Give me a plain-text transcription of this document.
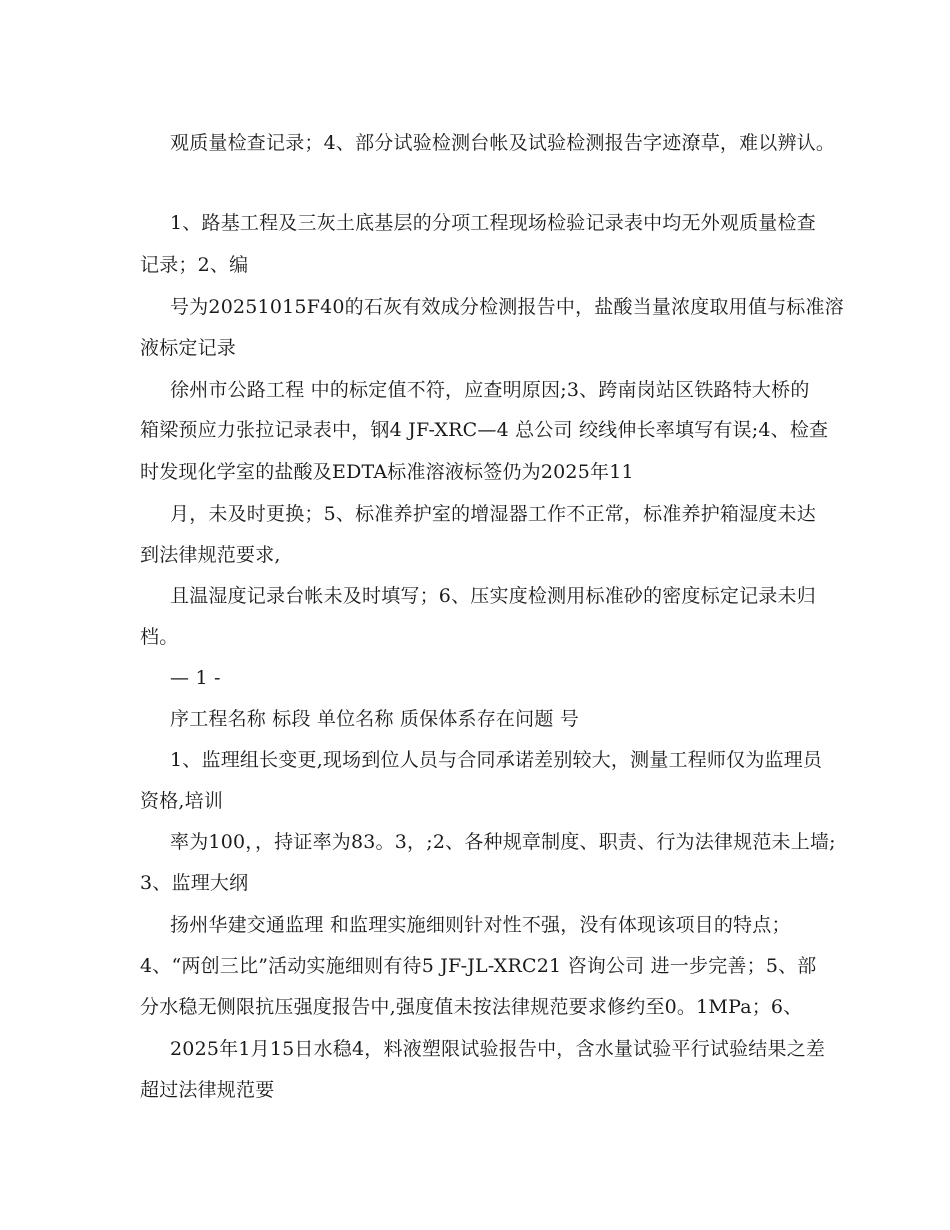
观质量检查记录；4、部分试验检测台帐及试验检测报告字迹潦草，难以辨认。
1、路基工程及三灰土底基层的分项工程现场检验记录表中均无外观质量检查
记录；2、编
号为20251015F40的石灰有效成分检测报告中，盐酸当量浓度取用值与标准溶
液标定记录
徐州市公路工程 中的标定值不符，应查明原因;3、跨南岗站区铁路特大桥的
箱梁预应力张拉记录表中，钢4 JF-XRC—4 总公司 绞线伸长率填写有误;4、检查
时发现化学室的盐酸及EDTA标准溶液标签仍为2025年11
月，未及时更换；5、标准养护室的增湿器工作不正常，标准养护箱湿度未达
到法律规范要求,
且温湿度记录台帐未及时填写；6、压实度检测用标准砂的密度标定记录未归
档。
— 1 -
序工程名称 标段 单位名称 质保体系存在问题 号
1、监理组长变更,现场到位人员与合同承诺差别较大，测量工程师仅为监理员
资格,培训
率为100，，持证率为83。3，;2、各种规章制度、职责、行为法律规范未上墙;
3、监理大纲
扬州华建交通监理 和监理实施细则针对性不强，没有体现该项目的特点；
4、“两创三比”活动实施细则有待5 JF-JL-XRC21 咨询公司 进一步完善；5、部
分水稳无侧限抗压强度报告中,强度值未按法律规范要求修约至0。1MPa；6、
2025年1月15日水稳4，料液塑限试验报告中，含水量试验平行试验结果之差
超过法律规范要
